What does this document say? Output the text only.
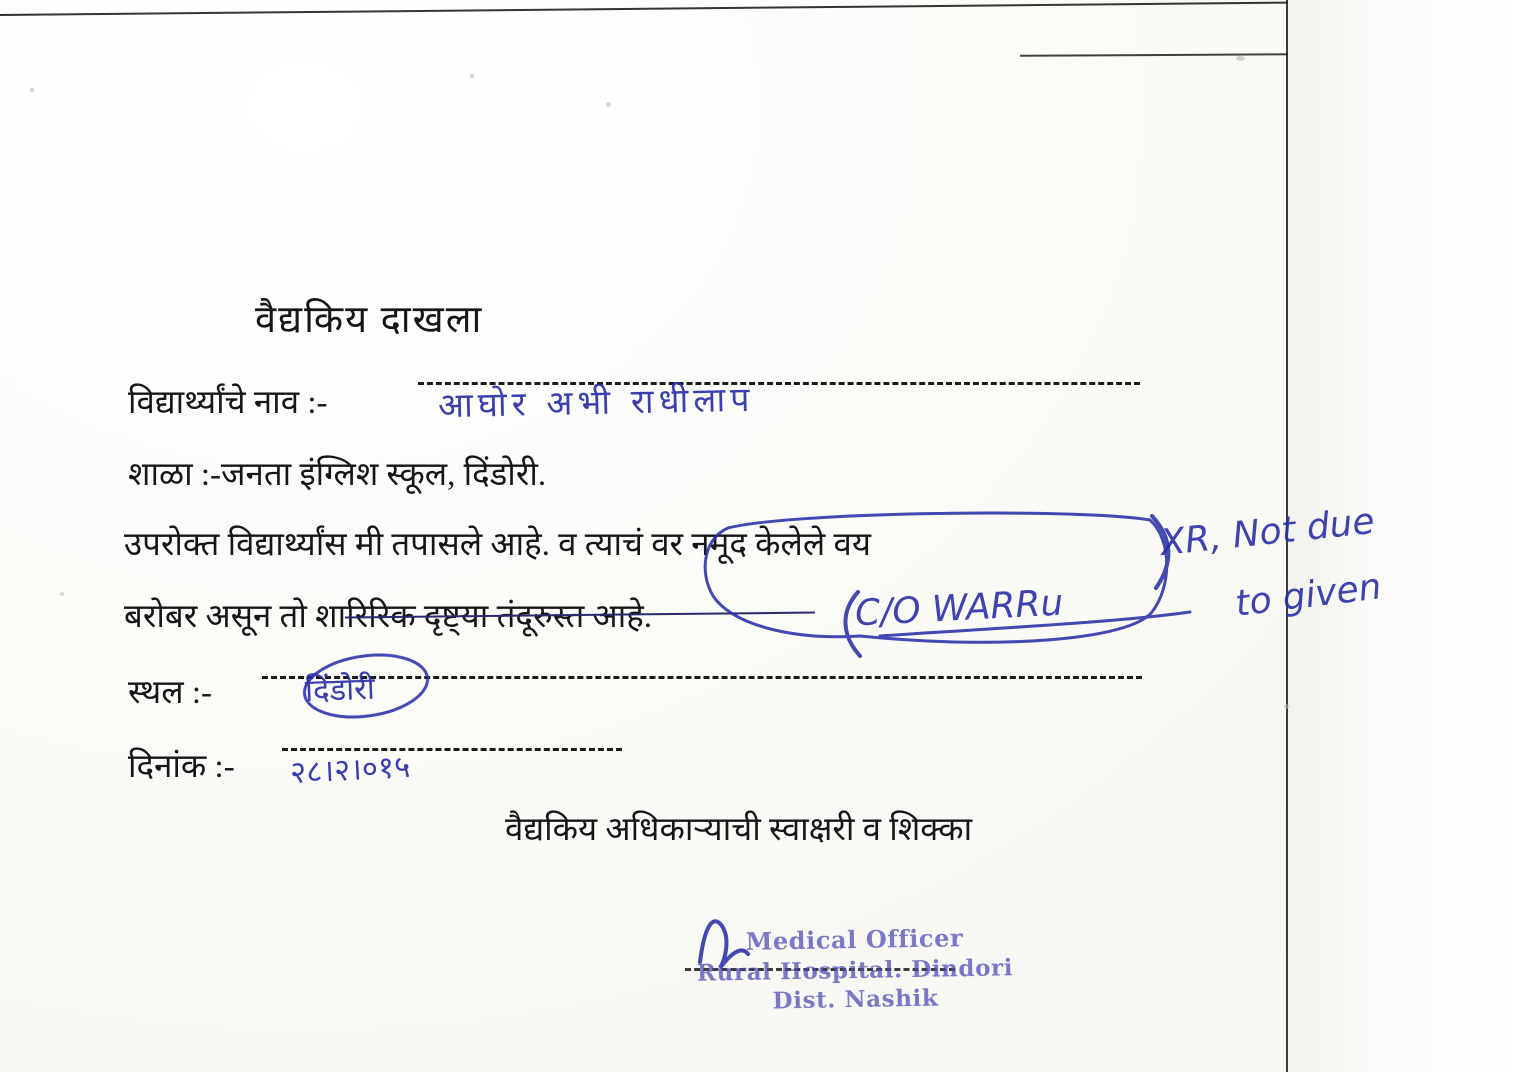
वैद्यकिय दाखला
विद्यार्थ्यांचे नाव :-	आघोर अभी राधीलाप
शाळा :-जनता इंग्लिश स्कूल, दिंडोरी.
उपरोक्त विद्यार्थ्यांस मी तपासले आहे. व त्याचं वर नमूद केलेले वय
बरोबर असून तो शारिरिक दृष्ट्या तंदूरुस्त आहे.
स्थल :-	दिंडोरी
दिनांक :- २८।२।०१५
वैद्यकिय अधिकाऱ्याची स्वाक्षरी व शिक्का
XR, Not due
C/O WARRu	to given
Medical Officer
Rural Hospital. Dindori
Dist. Nashik
